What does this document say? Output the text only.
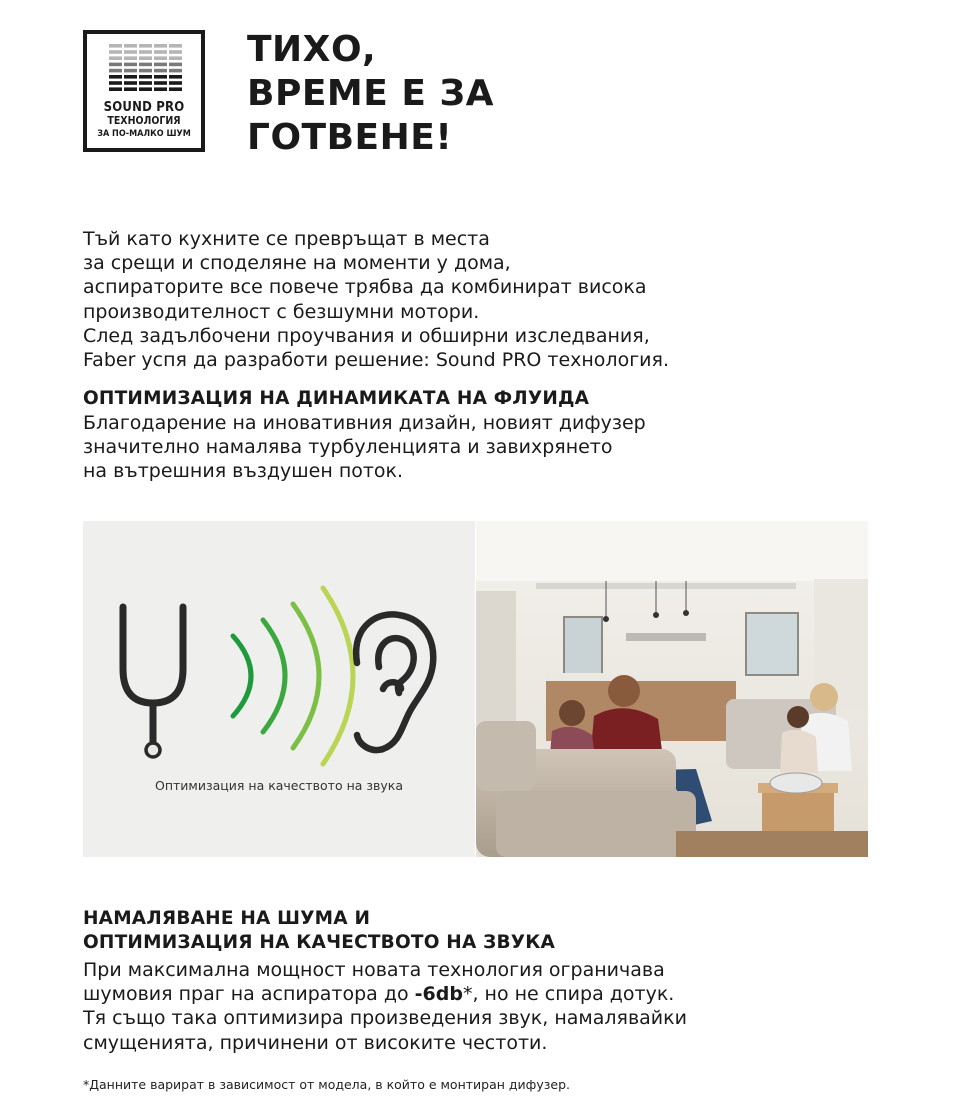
SOUND PRO
ТЕХНОЛОГИЯ
ЗА ПО-МАЛКО ШУМ
ТИХО,
ВРЕМЕ Е ЗА
ГОТВЕНЕ!
Тъй като кухните се превръщат в места
за срещи и споделяне на моменти у дома,
аспираторите все повече трябва да комбинират висока
производителност с безшумни мотори.
След задълбочени проучвания и обширни изследвания,
Faber успя да разработи решение: Sound PRO технология.
ОПТИМИЗАЦИЯ НА ДИНАМИКАТА НА ФЛУИДА
Благодарение на иновативния дизайн, новият дифузер
значително намалява турбуленцията и завихрянето
на вътрешния въздушен поток.
Оптимизация на качеството на звука
НАМАЛЯВАНЕ НА ШУМА И
ОПТИМИЗАЦИЯ НА КАЧЕСТВОТО НА ЗВУКА
При максимална мощност новата технология ограничава
шумовия праг на аспиратора до -6db*, но не спира дотук.
Тя също така оптимизира произведения звук, намалявайки
смущенията, причинени от високите честоти.
*Данните варират в зависимост от модела, в който е монтиран дифузер.
